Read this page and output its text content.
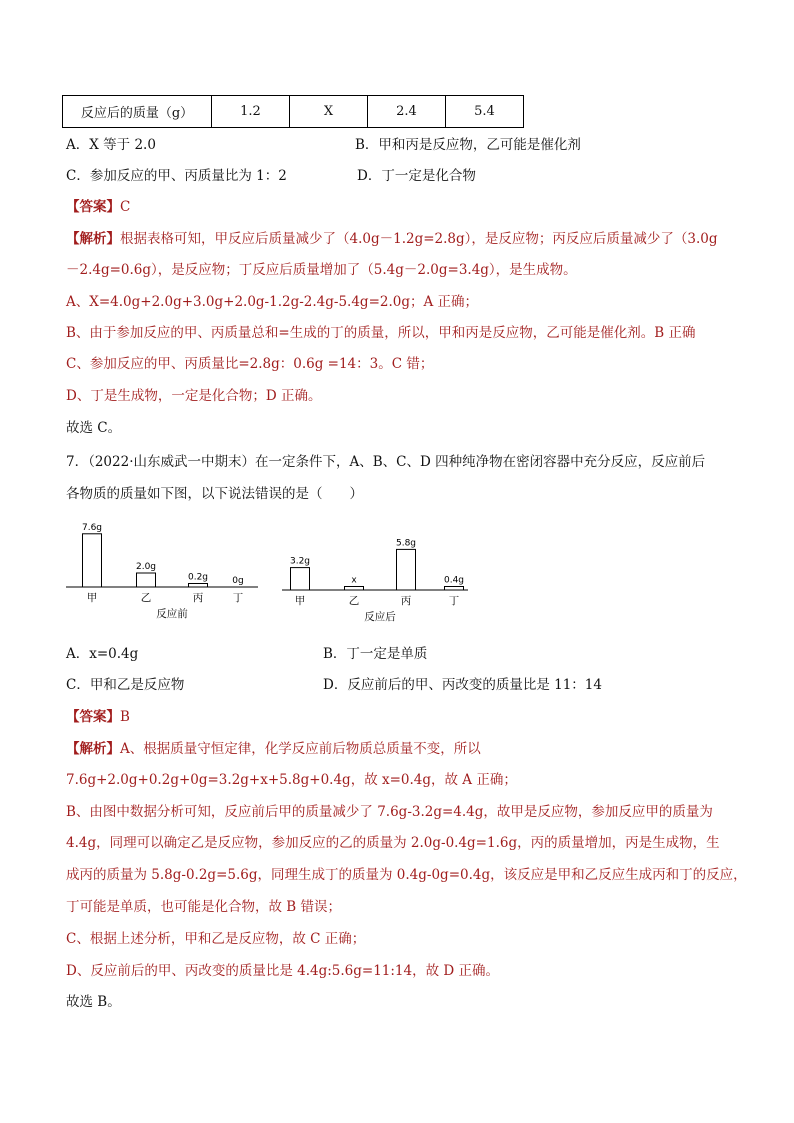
反应后的质量（g）	1.2	X	2.4	5.4
A．X 等于 2.0	B．甲和丙是反应物，乙可能是催化剂
C．参加反应的甲、丙质量比为 1：2	D．丁一定是化合物
【答案】C
【解析】根据表格可知，甲反应后质量减少了（4.0g－1.2g=2.8g），是反应物；丙反应后质量减少了（3.0g
－2.4g=0.6g），是反应物；丁反应后质量增加了（5.4g－2.0g=3.4g），是生成物。
A、X=4.0g+2.0g+3.0g+2.0g-1.2g-2.4g-5.4g=2.0g；A 正确；
B、由于参加反应的甲、丙质量总和=生成的丁的质量，所以，甲和丙是反应物，乙可能是催化剂。B 正确
C、参加反应的甲、丙质量比=2.8g：0.6g =14：3。C 错；
D、丁是生成物，一定是化合物；D 正确。
故选 C。
7．（2022·山东威武一中期末）在一定条件下，A、B、C、D 四种纯净物在密闭容器中充分反应，反应前后
各物质的质量如下图，以下说法错误的是（　　）
7.6g
甲
2.0g
乙
0.2g
丙
0g
丁
反应前
3.2g
甲
x
乙
5.8g
丙
0.4g
丁
反应后
A．x=0.4g	B．丁一定是单质
C．甲和乙是反应物	D．反应前后的甲、丙改变的质量比是 11：14
【答案】B
【解析】A、根据质量守恒定律，化学反应前后物质总质量不变，所以
7.6g+2.0g+0.2g+0g=3.2g+x+5.8g+0.4g，故 x=0.4g，故 A 正确；
B、由图中数据分析可知，反应前后甲的质量减少了 7.6g-3.2g=4.4g，故甲是反应物，参加反应甲的质量为
4.4g，同理可以确定乙是反应物，参加反应的乙的质量为 2.0g-0.4g=1.6g，丙的质量增加，丙是生成物，生
成丙的质量为 5.8g-0.2g=5.6g，同理生成丁的质量为 0.4g-0g=0.4g，该反应是甲和乙反应生成丙和丁的反应，
丁可能是单质，也可能是化合物，故 B 错误；
C、根据上述分析，甲和乙是反应物，故 C 正确；
D、反应前后的甲、丙改变的质量比是 4.4g:5.6g=11:14，故 D 正确。
故选 B。
